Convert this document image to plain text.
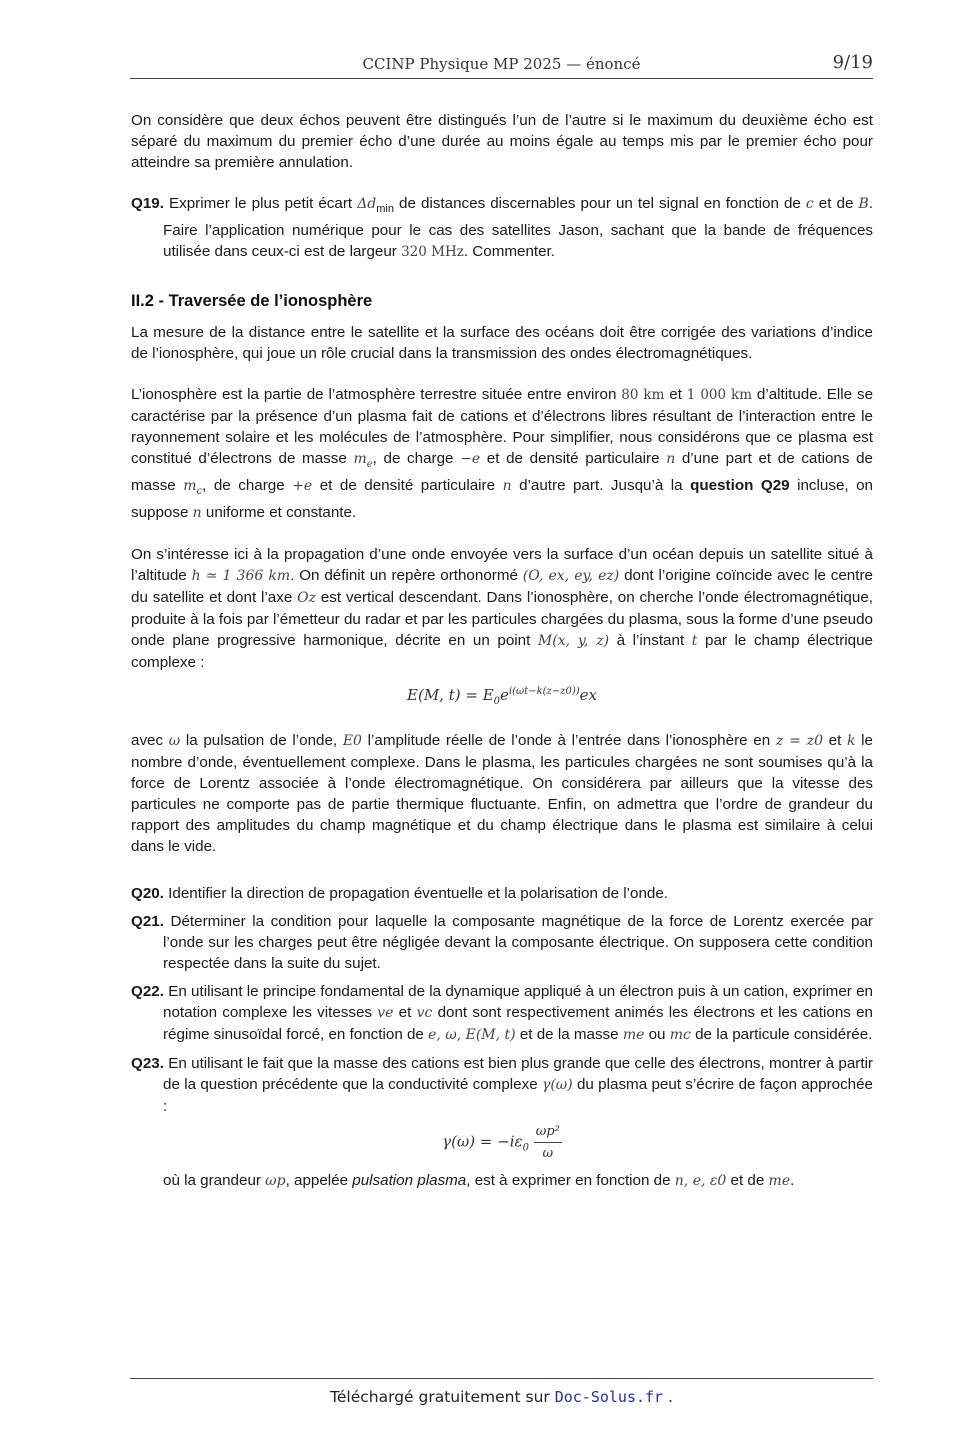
CCINP Physique MP 2025 — énoncé	9/19

On considère que deux échos peuvent être distingués l’un de l’autre si le maximum du deuxième écho est séparé du maximum du premier écho d’une durée au moins égale au temps mis par le premier écho pour atteindre sa première annulation.

Q19. Exprimer le plus petit écart $\Delta d_{min}$ de distances discernables pour un tel signal en fonction de c et de B. Faire l’application numérique pour le cas des satellites Jason, sachant que la bande de fréquences utilisée dans ceux-ci est de largeur 320 MHz. Commenter.
II.2 - Traversée de l’ionosphère

La mesure de la distance entre le satellite et la surface des océans doit être corrigée des variations d’indice de l’ionosphère, qui joue un rôle crucial dans la transmission des ondes électromagnétiques.

L’ionosphère est la partie de l’atmosphère terrestre située entre environ 80 km et 1 000 km d’altitude. Elle se caractérise par la présence d’un plasma fait de cations et d’électrons libres résultant de l’interaction entre le rayonnement solaire et les molécules de l’atmosphère. Pour simplifier, nous considérons que ce plasma est constitué d’électrons de masse $m_e$, de charge −e et de densité particulaire n d’une part et de cations de masse $m_c$, de charge +e et de densité particulaire n d’autre part. Jusqu’à la question Q29 incluse, on suppose n uniforme et constante.

On s’intéresse ici à la propagation d’une onde envoyée vers la surface d’un océan depuis un satellite situé à l’altitude h ≃ 1 366 km. On définit un repère orthonormé (O, ex, ey, ez) dont l’origine coïncide avec le centre du satellite et dont l’axe Oz est vertical descendant. Dans l’ionosphère, on cherche l’onde électromagnétique, produite à la fois par l’émetteur du radar et par les particules chargées du plasma, sous la forme d’une pseudo onde plane progressive harmonique, décrite en un point M(x, y, z) à l’instant t par le champ électrique complexe :

E(M, $t) = E_0e^{i(\omega t-k(z-z0))}ex$

avec ω la pulsation de l’onde, E0 l’amplitude réelle de l’onde à l’entrée dans l’ionosphère en z = z0 et k le nombre d’onde, éventuellement complexe. Dans le plasma, les particules chargées ne sont soumises qu’à la force de Lorentz associée à l’onde électromagnétique. On considérera par ailleurs que la vitesse des particules ne comporte pas de partie thermique fluctuante. Enfin, on admettra que l’ordre de grandeur du rapport des amplitudes du champ magnétique et du champ électrique dans le plasma est similaire à celui dans le vide.

Q20. Identifier la direction de propagation éventuelle et la polarisation de l’onde.
Q21. Déterminer la condition pour laquelle la composante magnétique de la force de Lorentz exercée par l’onde sur les charges peut être négligée devant la composante électrique. On supposera cette condition respectée dans la suite du sujet.
Q22. En utilisant le principe fondamental de la dynamique appliqué à un électron puis à un cation, exprimer en notation complexe les vitesses ve et vc dont sont respectivement animés les électrons et les cations en régime sinusoïdal forcé, en fonction de e, ω, E(M, t) et de la masse me ou mc de la particule considérée.
Q23. En utilisant le fait que la masse des cations est bien plus grande que celle des électrons, montrer à partir de la question précédente que la conductivité complexe γ(ω) du plasma peut s’écrire de façon approchée :
$\gamma(\omega) = -i\varepsilon_0 \frac{\text{ωp²}}{\omega}$
où la grandeur ωp, appelée pulsation plasma, est à exprimer en fonction de n, e, ε0 et de me.
Téléchargé gratuitement sur Doc-Solus.fr .
